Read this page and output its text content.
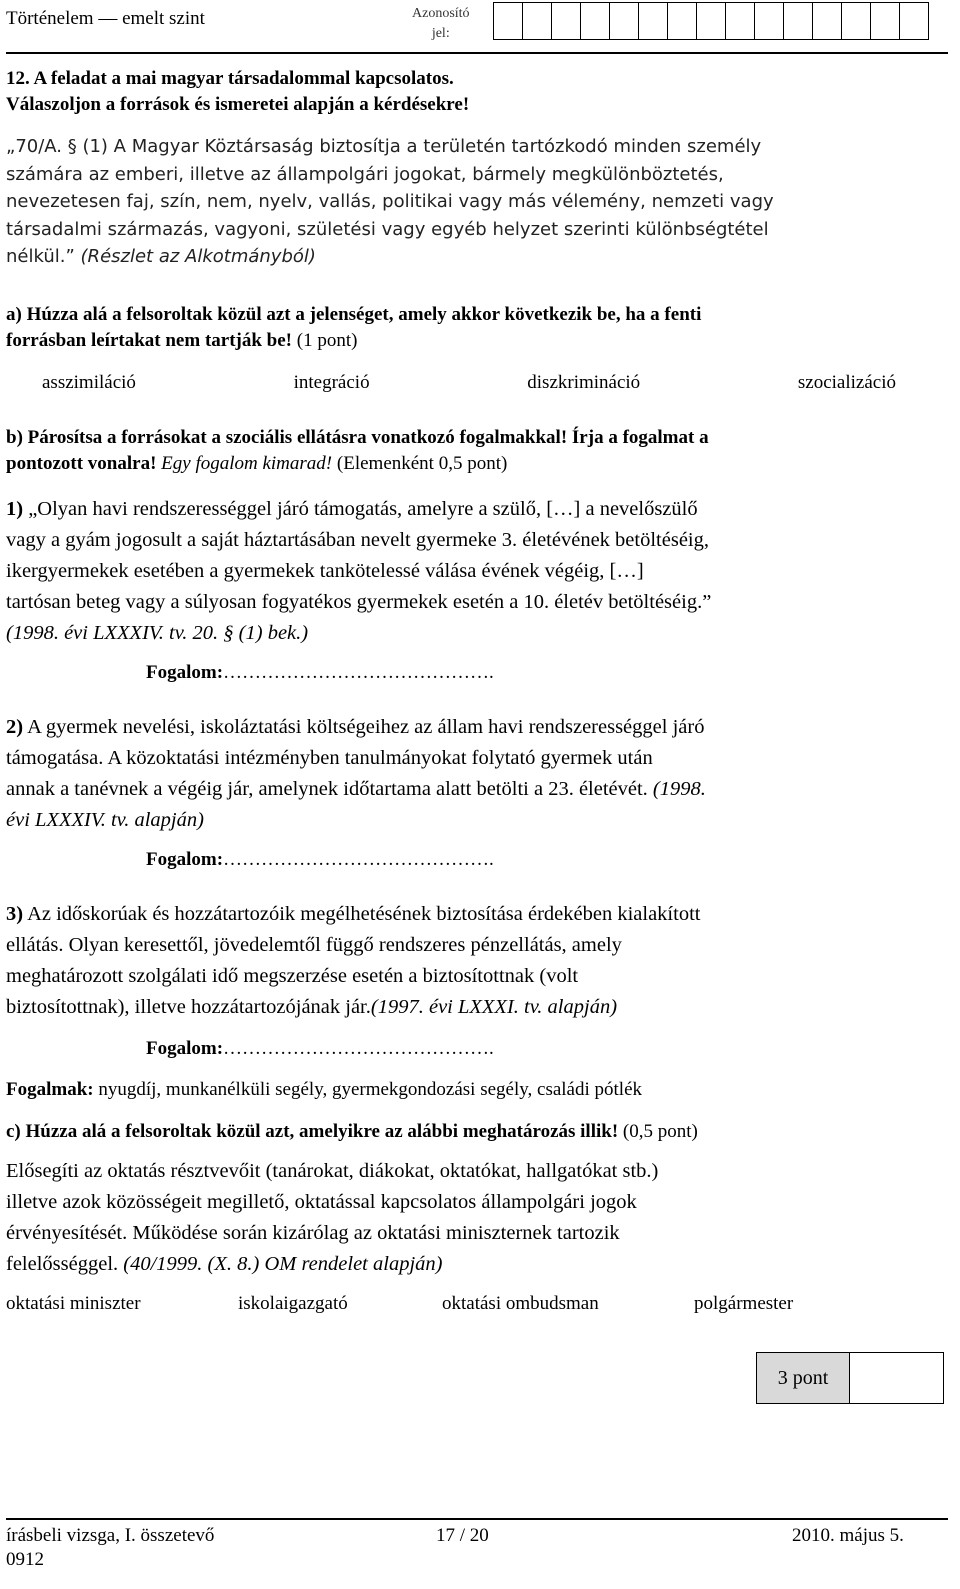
Történelem — emelt szint	Azonosító
jel:
12. A feladat a mai magyar társadalommal kapcsolatos.
Válaszoljon a források és ismeretei alapján a kérdésekre!
„70/A. § (1) A Magyar Köztársaság biztosítja a területén tartózkodó minden személy
számára az emberi, illetve az állampolgári jogokat, bármely megkülönböztetés,
nevezetesen faj, szín, nem, nyelv, vallás, politikai vagy más vélemény, nemzeti vagy
társadalmi származás, vagyoni, születési vagy egyéb helyzet szerinti különbségtétel
nélkül.” (Részlet az Alkotmányból)
a) Húzza alá a felsoroltak közül azt a jelenséget, amely akkor következik be, ha a fenti
forrásban leírtakat nem tartják be! (1 pont)
asszimiláció	integráció	diszkrimináció	szocializáció
b) Párosítsa a forrásokat a szociális ellátásra vonatkozó fogalmakkal! Írja a fogalmat a
pontozott vonalra! Egy fogalom kimarad! (Elemenként 0,5 pont)
1) „Olyan havi rendszerességgel járó támogatás, amelyre a szülő, […] a nevelőszülő
vagy a gyám jogosult a saját háztartásában nevelt gyermeke 3. életévének betöltéséig,
ikergyermekek esetében a gyermekek tankötelessé válása évének végéig, […]
tartósan beteg vagy a súlyosan fogyatékos gyermekek esetén a 10. életév betöltéséig.”
(1998. évi LXXXIV. tv. 20. § (1) bek.)
Fogalom:…………………………………….
2) A gyermek nevelési, iskoláztatási költségeihez az állam havi rendszerességgel járó
támogatása. A közoktatási intézményben tanulmányokat folytató gyermek után
annak a tanévnek a végéig jár, amelynek időtartama alatt betölti a 23. életévét. (1998.
évi LXXXIV. tv. alapján)
Fogalom:…………………………………….
3) Az időskorúak és hozzátartozóik megélhetésének biztosítása érdekében kialakított
ellátás. Olyan keresettől, jövedelemtől függő rendszeres pénzellátás, amely
meghatározott szolgálati idő megszerzése esetén a biztosítottnak (volt
biztosítottnak), illetve hozzátartozójának jár.(1997. évi LXXXI. tv. alapján)
Fogalom:…………………………………….
Fogalmak: nyugdíj, munkanélküli segély, gyermekgondozási segély, családi pótlék
c) Húzza alá a felsoroltak közül azt, amelyikre az alábbi meghatározás illik! (0,5 pont)
Elősegíti az oktatás résztvevőit (tanárokat, diákokat, oktatókat, hallgatókat stb.)
illetve azok közösségeit megillető, oktatással kapcsolatos állampolgári jogok
érvényesítését. Működése során kizárólag az oktatási miniszternek tartozik
felelősséggel. (40/1999. (X. 8.) OM rendelet alapján)
oktatási miniszter	iskolaigazgató	oktatási ombudsman	polgármester
3 pont
írásbeli vizsga, I. összetevő
0912
17 / 20	2010. május 5.
